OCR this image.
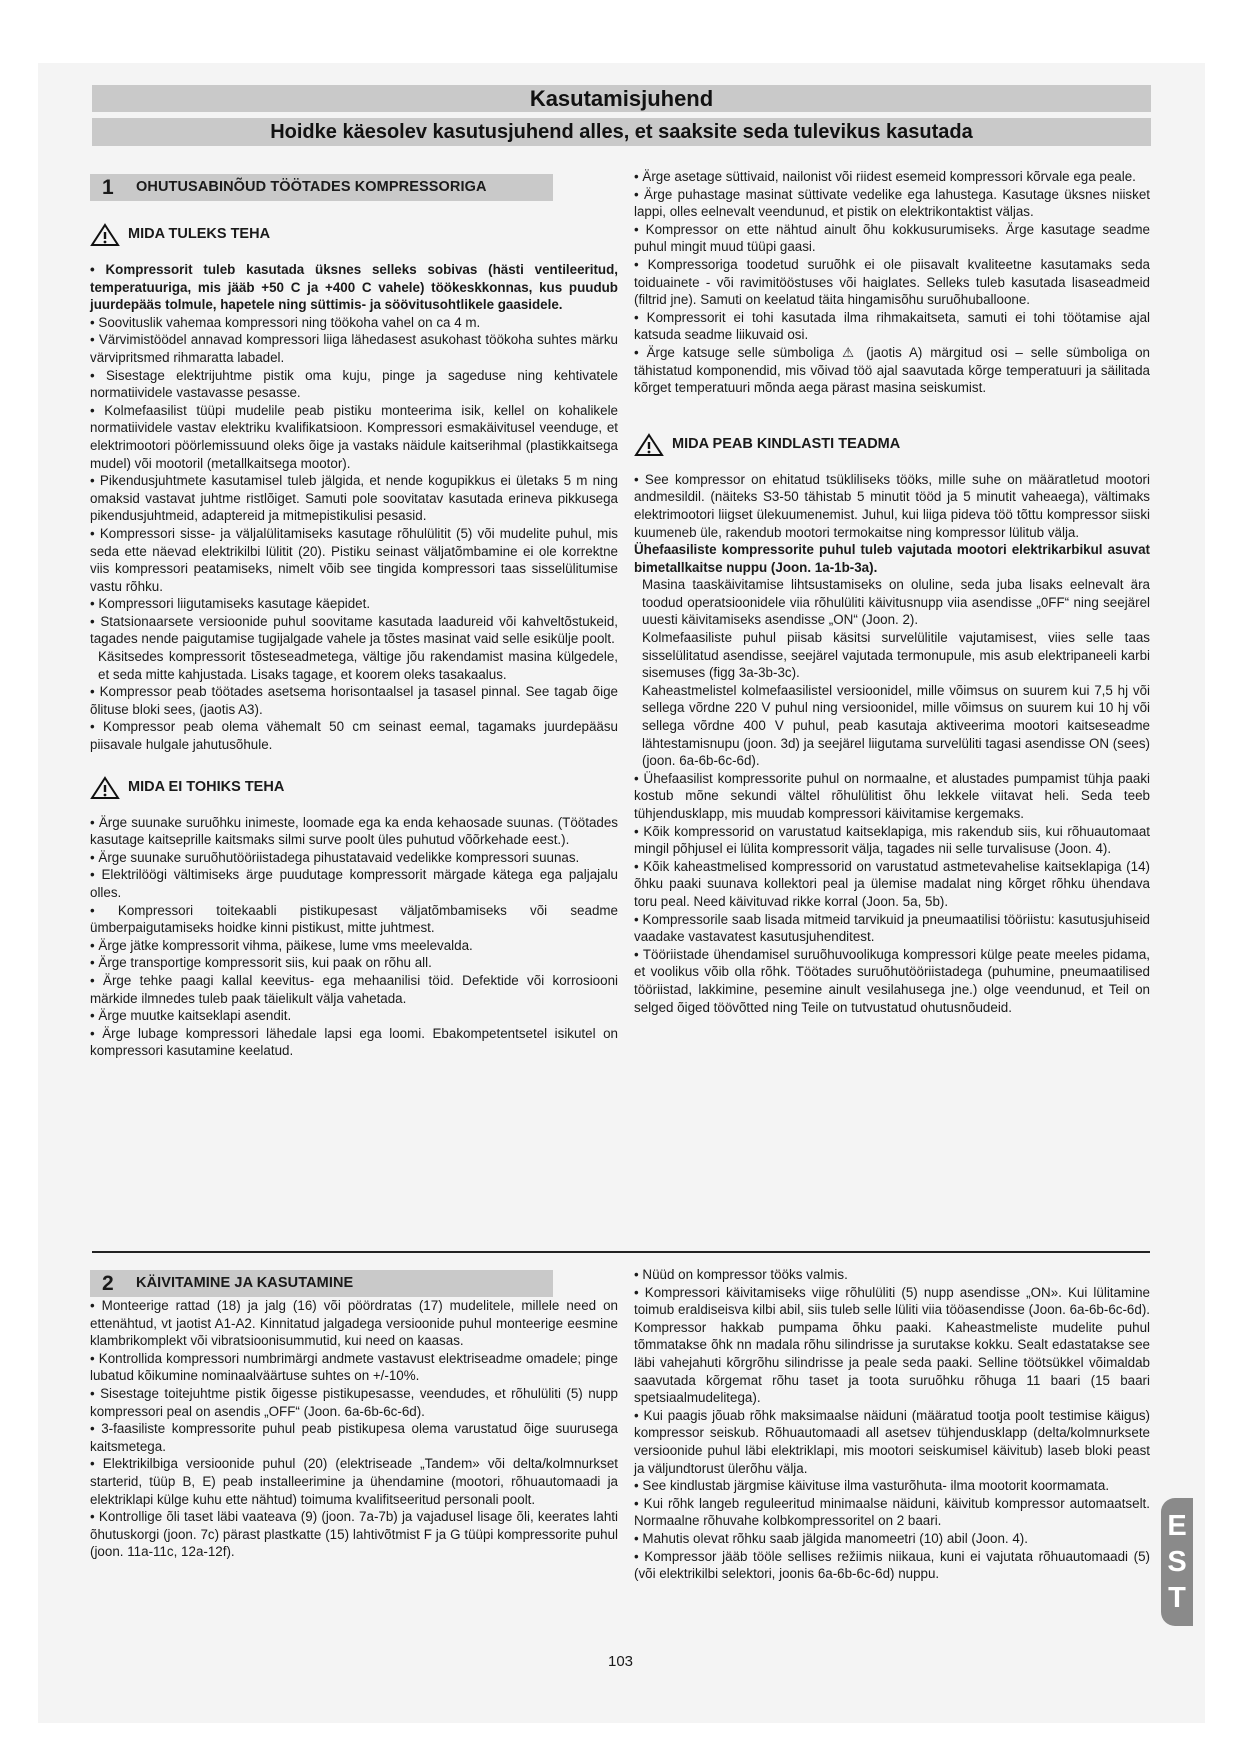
Kasutamisjuhend
Hoidke käesolev kasutusjuhend alles, et saaksite seda tulevikus kasutada
1	OHUTUSABINÕUD TÖÖTADES KOMPRESSORIGA
MIDA TULEKS TEHA

• Kompressorit tuleb kasutada üksnes selleks sobivas (hästi ventileeritud, temperatuuriga, mis jääb +50 C ja +400 C vahele) töökeskkonnas, kus puudub juurdepääs tolmule, hapetele ning süttimis- ja söövitusohtlikele gaasidele.

• Soovituslik vahemaa kompressori ning töökoha vahel on ca 4 m.

• Värvimistöödel annavad kompressori liiga lähedasest asukohast töökoha suhtes märku värvipritsmed rihmaratta labadel.

• Sisestage elektrijuhtme pistik oma kuju, pinge ja sageduse ning kehtivatele normatiividele vastavasse pesasse.

• Kolmefaasilist tüüpi mudelile peab pistiku monteerima isik, kellel on kohalikele normatiividele vastav elektriku kvalifikatsioon. Kompressori esmakäivitusel veenduge, et elektrimootori pöörlemissuund oleks õige ja vastaks näidule kaitserihmal (plastikkaitsega mudel) või mootoril (metallkaitsega mootor).

• Pikendusjuhtmete kasutamisel tuleb jälgida, et nende kogupikkus ei ületaks 5 m ning omaksid vastavat juhtme ristlõiget. Samuti pole soovitatav kasutada erineva pikkusega pikendusjuhtmeid, adaptereid ja mitmepistikulisi pesasid.

• Kompressori sisse- ja väljalülitamiseks kasutage rõhulülitit (5) või mudelite puhul, mis seda ette näevad elektrikilbi lülitit (20). Pistiku seinast väljatõmbamine ei ole korrektne viis kompressori peatamiseks, nimelt võib see tingida kompressori taas sisselülitumise vastu rõhku.

• Kompressori liigutamiseks kasutage käepidet.

• Statsionaarsete versioonide puhul soovitame kasutada laadureid või kahveltõstukeid, tagades nende paigutamise tugijalgade vahele ja tõstes masinat vaid selle esikülje poolt.

Käsitsedes kompressorit tõsteseadmetega, vältige jõu rakendamist masina külgedele, et seda mitte kahjustada. Lisaks tagage, et koorem oleks tasakaalus.

• Kompressor peab töötades asetsema horisontaalsel ja tasasel pinnal. See tagab õige õlituse bloki sees, (jaotis A3).

• Kompressor peab olema vähemalt 50 cm seinast eemal, tagamaks juurdepääsu piisavale hulgale jahutusõhule.

MIDA EI TOHIKS TEHA

• Ärge suunake suruõhku inimeste, loomade ega ka enda kehaosade suunas. (Töötades kasutage kaitseprille kaitsmaks silmi surve poolt üles puhutud võõrkehade eest.).

• Ärge suunake suruõhutööriistadega pihustatavaid vedelikke kompressori suunas.

• Elektrilöögi vältimiseks ärge puudutage kompressorit märgade kätega ega paljajalu olles.

• Kompressori toitekaabli pistikupesast väljatõmbamiseks või seadme ümberpaigutamiseks hoidke kinni pistikust, mitte juhtmest.

• Ärge jätke kompressorit vihma, päikese, lume vms meelevalda.

• Ärge transportige kompressorit siis, kui paak on rõhu all.

• Ärge tehke paagi kallal keevitus- ega mehaanilisi töid. Defektide või korrosiooni märkide ilmnedes tuleb paak täielikult välja vahetada.

• Ärge muutke kaitseklapi asendit.

• Ärge lubage kompressori lähedale lapsi ega loomi. Ebakompetentsetel isikutel on kompressori kasutamine keelatud.

• Ärge asetage süttivaid, nailonist või riidest esemeid kompressori kõrvale ega peale.

• Ärge puhastage masinat süttivate vedelike ega lahustega. Kasutage üksnes niisket lappi, olles eelnevalt veendunud, et pistik on elektrikontaktist väljas.

• Kompressor on ette nähtud ainult õhu kokkusurumiseks. Ärge kasutage seadme puhul mingit muud tüüpi gaasi.

• Kompressoriga toodetud suruõhk ei ole piisavalt kvaliteetne kasutamaks seda toiduainete - või ravimitööstuses või haiglates. Selleks tuleb kasutada lisaseadmeid (filtrid jne). Samuti on keelatud täita hingamisõhu suruõhuballoone.

• Kompressorit ei tohi kasutada ilma rihmakaitseta, samuti ei tohi töötamise ajal katsuda seadme liikuvaid osi.

• Ärge katsuge selle sümboliga ⚠ (jaotis A) märgitud osi – selle sümboliga on tähistatud komponendid, mis võivad töö ajal saavutada kõrge temperatuuri ja säilitada kõrget temperatuuri mõnda aega pärast masina seiskumist.

MIDA PEAB KINDLASTI TEADMA

• See kompressor on ehitatud tsükliliseks tööks, mille suhe on määratletud mootori andmesildil. (näiteks S3-50 tähistab 5 minutit tööd ja 5 minutit vaheaega), vältimaks elektrimootori liigset ülekuumenemist. Juhul, kui liiga pideva töö tõttu kompressor siiski kuumeneb üle, rakendub mootori termokaitse ning kompressor lülitub välja.

Ühefaasiliste kompressorite puhul tuleb vajutada mootori elektrikarbikul asuvat bimetallkaitse nuppu (Joon. 1a-1b-3a).

Masina taaskäivitamise lihtsustamiseks on oluline, seda juba lisaks eelnevalt ära toodud operatsioonidele viia rõhulüliti käivitusnupp viia asendisse „0FF“ ning seejärel uuesti käivitamiseks asendisse „ON“ (Joon. 2).

Kolmefaasiliste puhul piisab käsitsi survelülitile vajutamisest, viies selle taas sisselülitatud asendisse, seejärel vajutada termonupule, mis asub elektripaneeli karbi sisemuses (figg 3a-3b-3c).

Kaheastmelistel kolmefaasilistel versioonidel, mille võimsus on suurem kui 7,5 hj või sellega võrdne 220 V puhul ning versioonidel, mille võimsus on suurem kui 10 hj või sellega võrdne 400 V puhul, peab kasutaja aktiveerima mootori kaitseseadme lähtestamisnupu (joon. 3d) ja seejärel liigutama survelüliti tagasi asendisse ON (sees) (joon. 6a-6b-6c-6d).

• Ühefaasilist kompressorite puhul on normaalne, et alustades pumpamist tühja paaki kostub mõne sekundi vältel rõhulülitist õhu lekkele viitavat heli. Seda teeb tühjendusklapp, mis muudab kompressori käivitamise kergemaks.

• Kõik kompressorid on varustatud kaitseklapiga, mis rakendub siis, kui rõhuautomaat mingil põhjusel ei lülita kompressorit välja, tagades nii selle turvalisuse (Joon. 4).

• Kõik kaheastmelised kompressorid on varustatud astmetevahelise kaitseklapiga (14) õhku paaki suunava kollektori peal ja ülemise madalat ning kõrget rõhku ühendava toru peal. Need käivituvad rikke korral (Joon. 5a, 5b).

• Kompressorile saab lisada mitmeid tarvikuid ja pneumaatilisi tööriistu: kasutusjuhiseid vaadake vastavatest kasutusjuhenditest.

• Tööriistade ühendamisel suruõhuvoolikuga kompressori külge peate meeles pidama, et voolikus võib olla rõhk. Töötades suruõhutööriistadega (puhumine, pneumaatilised tööriistad, lakkimine, pesemine ainult vesilahusega jne.) olge veendunud, et Teil on selged õiged töövõtted ning Teile on tutvustatud ohutusnõudeid.

2	KÄIVITAMINE JA KASUTAMINE

• Monteerige rattad (18) ja jalg (16) või pöördratas (17) mudelitele, millele need on ettenähtud, vt jaotist A1-A2. Kinnitatud jalgadega versioonide puhul monteerige eesmine klambrikomplekt või vibratsioonisummutid, kui need on kaasas.

• Kontrollida kompressori numbrimärgi andmete vastavust elektriseadme omadele; pinge lubatud kõikumine nominaalväärtuse suhtes on +/-10%.

• Sisestage toitejuhtme pistik õigesse pistikupesasse, veendudes, et rõhulüliti (5) nupp kompressori peal on asendis „OFF“ (Joon. 6a-6b-6c-6d).

• 3-faasiliste kompressorite puhul peab pistikupesa olema varustatud õige suurusega kaitsmetega.

• Elektrikilbiga versioonide puhul (20) (elektriseade „Tandem» või delta/kolmnurkset starterid, tüüp B, E) peab installeerimine ja ühendamine (mootori, rõhuautomaadi ja elektriklapi külge kuhu ette nähtud) toimuma kvalifitseeritud personali poolt.

• Kontrollige õli taset läbi vaateava (9) (joon. 7a-7b) ja vajadusel lisage õli, keerates lahti õhutuskorgi (joon. 7c) pärast plastkatte (15) lahtivõtmist F ja G tüüpi kompressorite puhul (joon. 11a-11c, 12a-12f).

• Nüüd on kompressor tööks valmis.

• Kompressori käivitamiseks viige rõhulüliti (5) nupp asendisse „ON». Kui lülitamine toimub eraldiseisva kilbi abil, siis tuleb selle lüliti viia tööasendisse (Joon. 6a-6b-6c-6d). Kompressor hakkab pumpama õhku paaki. Kaheastmeliste mudelite puhul tõmmatakse õhk nn madala rõhu silindrisse ja surutakse kokku. Sealt edastatakse see läbi vahejahuti kõrgrõhu silindrisse ja peale seda paaki. Selline töötsükkel võimaldab saavutada kõrgemat rõhu taset ja toota suruõhku rõhuga 11 baari (15 baari spetsiaalmudelitega).

• Kui paagis jõuab rõhk maksimaalse näiduni (määratud tootja poolt testimise käigus) kompressor seiskub. Rõhuautomaadi all asetsev tühjendusklapp (delta/kolmnurksete versioonide puhul läbi elektriklapi, mis mootori seiskumisel käivitub) laseb bloki peast ja väljundtorust ülerõhu välja.

• See kindlustab järgmise käivituse ilma vasturõhuta- ilma mootorit koormamata.

• Kui rõhk langeb reguleeritud minimaalse näiduni, käivitub kompressor automaatselt. Normaalne rõhuvahe kolbkompressoritel on 2 baari.

• Mahutis olevat rõhku saab jälgida manomeetri (10) abil (Joon. 4).

• Kompressor jääb tööle sellises režiimis niikaua, kuni ei vajutata rõhuautomaadi (5) (või elektrikilbi selektori, joonis 6a-6b-6c-6d) nuppu.

E
S
T
103
